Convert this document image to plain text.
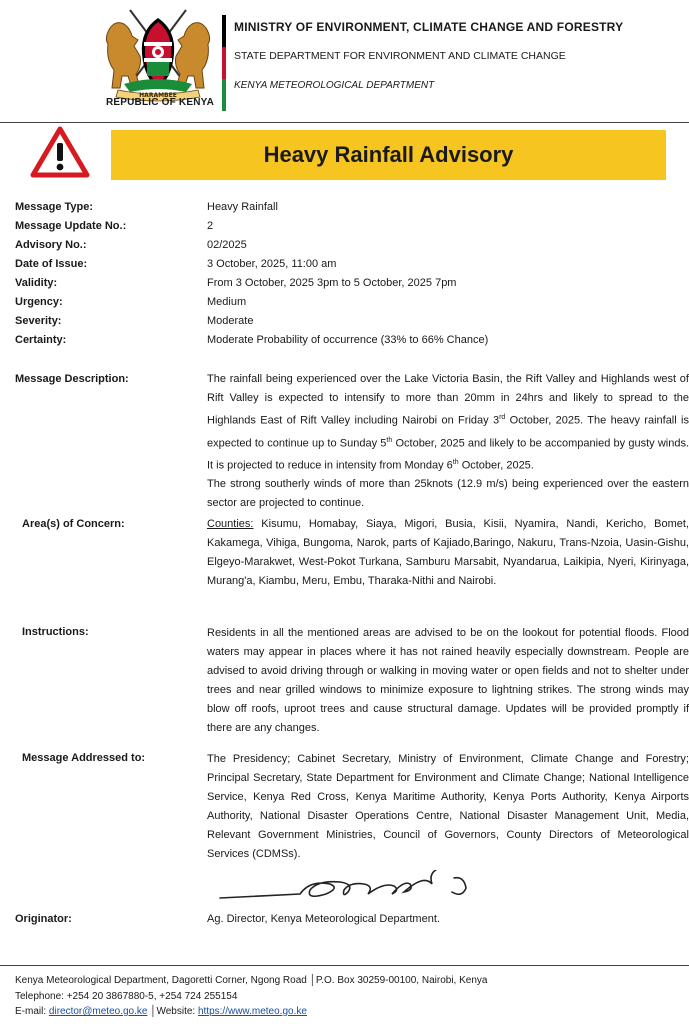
HARAMBEE
REPUBLIC OF KENYA
MINISTRY OF ENVIRONMENT, CLIMATE CHANGE AND FORESTRY
STATE DEPARTMENT FOR ENVIRONMENT AND CLIMATE CHANGE
KENYA METEOROLOGICAL DEPARTMENT
Heavy Rainfall Advisory
Message Type:	Heavy Rainfall
Message Update No.:	2
Advisory No.:	02/2025
Date of Issue:	3 October, 2025, 11:00 am
Validity:	From 3 October, 2025 3pm to 5 October, 2025 7pm
Urgency:	Medium
Severity:	Moderate
Certainty:	Moderate Probability of occurrence (33% to 66% Chance)
Message Description:	The rainfall being experienced over the Lake Victoria Basin, the Rift Valley and Highlands west of Rift Valley is expected to intensify to more than 20mm in 24hrs and likely to spread to the Highlands East of Rift Valley including Nairobi on Friday 3rd October, 2025. The heavy rainfall is expected to continue up to Sunday 5th October, 2025 and likely to be accompanied by gusty winds. It is projected to reduce in intensity from Monday 6th October, 2025.
The strong southerly winds of more than 25knots (12.9 m/s) being experienced over the eastern sector are projected to continue.
Area(s) of Concern:	Counties: Kisumu, Homabay, Siaya, Migori, Busia, Kisii, Nyamira, Nandi, Kericho, Bomet, Kakamega, Vihiga, Bungoma, Narok, parts of Kajiado,Baringo, Nakuru, Trans-Nzoia, Uasin-Gishu, Elgeyo-Marakwet, West-Pokot Turkana, Samburu Marsabit, Nyandarua, Laikipia, Nyeri, Kirinyaga, Murang'a, Kiambu, Meru, Embu, Tharaka-Nithi and Nairobi.
Instructions:	Residents in all the mentioned areas are advised to be on the lookout for potential floods. Flood waters may appear in places where it has not rained heavily especially downstream. People are advised to avoid driving through or walking in moving water or open fields and not to shelter under trees and near grilled windows to minimize exposure to lightning strikes. The strong winds may blow off roofs, uproot trees and cause structural damage. Updates will be provided promptly if there are any changes.
Message Addressed to:	The Presidency; Cabinet Secretary, Ministry of Environment, Climate Change and Forestry; Principal Secretary, State Department for Environment and Climate Change; National Intelligence Service, Kenya Red Cross, Kenya Maritime Authority, Kenya Ports Authority, Kenya Airports Authority, National Disaster Operations Centre, National Disaster Management Unit, Media, Relevant Government Ministries, Council of Governors, County Directors of Meteorological Services (CDMSs).
Originator:	Ag. Director, Kenya Meteorological Department.
Kenya Meteorological Department, Dagoretti Corner, Ngong Road │P.O. Box 30259-00100, Nairobi, Kenya
Telephone: +254 20 3867880-5, +254 724 255154
E-mail: director@meteo.go.ke │Website: https://www.meteo.go.ke
